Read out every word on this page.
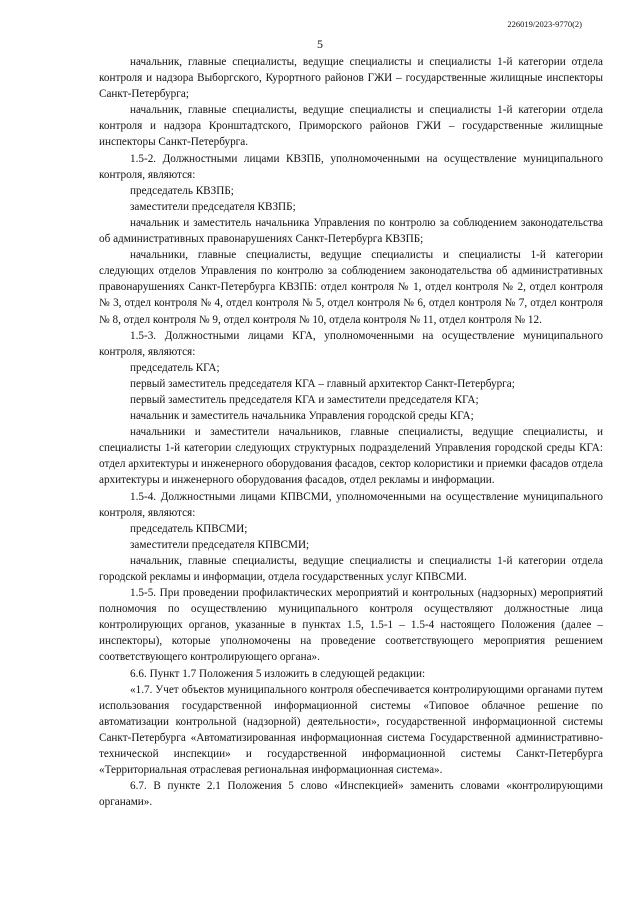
226019/2023-9770(2)
5

начальник, главные специалисты, ведущие специалисты и специалисты 1-й категории отдела контроля и надзора Выборгского, Курортного районов ГЖИ – государственные жилищные инспекторы Санкт-Петербурга;

начальник, главные специалисты, ведущие специалисты и специалисты 1-й категории отдела контроля и надзора Кронштадтского, Приморского районов ГЖИ – государственные жилищные инспекторы Санкт-Петербурга.

1.5-2. Должностными лицами КВЗПБ, уполномоченными на осуществление муниципального контроля, являются:

председатель КВЗПБ;

заместители председателя КВЗПБ;

начальник и заместитель начальника Управления по контролю за соблюдением законодательства об административных правонарушениях Санкт-Петербурга КВЗПБ;

начальники, главные специалисты, ведущие специалисты и специалисты 1-й категории следующих отделов Управления по контролю за соблюдением законодательства об административных правонарушениях Санкт-Петербурга КВЗПБ: отдел контроля № 1, отдел контроля № 2, отдел контроля № 3, отдел контроля № 4, отдел контроля № 5, отдел контроля № 6, отдел контроля № 7, отдел контроля № 8, отдел контроля № 9, отдел контроля № 10, отдела контроля № 11, отдел контроля № 12.

1.5-3. Должностными лицами КГА, уполномоченными на осуществление муниципального контроля, являются:

председатель КГА;

первый заместитель председателя КГА – главный архитектор Санкт-Петербурга;

первый заместитель председателя КГА и заместители председателя КГА;

начальник и заместитель начальника Управления городской среды КГА;

начальники и заместители начальников, главные специалисты, ведущие специалисты, и специалисты 1-й категории следующих структурных подразделений Управления городской среды КГА: отдел архитектуры и инженерного оборудования фасадов, сектор колористики и приемки фасадов отдела архитектуры и инженерного оборудования фасадов, отдел рекламы и информации.

1.5-4. Должностными лицами КПВСМИ, уполномоченными на осуществление муниципального контроля, являются:

председатель КПВСМИ;

заместители председателя КПВСМИ;

начальник, главные специалисты, ведущие специалисты и специалисты 1-й категории отдела городской рекламы и информации, отдела государственных услуг КПВСМИ.

1.5-5. При проведении профилактических мероприятий и контрольных (надзорных) мероприятий полномочия по осуществлению муниципального контроля осуществляют должностные лица контролирующих органов, указанные в пунктах 1.5, 1.5-1 – 1.5-4 настоящего Положения (далее – инспекторы), которые уполномочены на проведение соответствующего мероприятия решением соответствующего контролирующего органа».

6.6. Пункт 1.7 Положения 5 изложить в следующей редакции:

«1.7. Учет объектов муниципального контроля обеспечивается контролирующими органами путем использования государственной информационной системы «Типовое облачное решение по автоматизации контрольной (надзорной) деятельности», государственной информационной системы Санкт-Петербурга «Автоматизированная информационная система Государственной административно-технической инспекции» и государственной информационной системы Санкт-Петербурга «Территориальная отраслевая региональная информационная система».

6.7. В пункте 2.1 Положения 5 слово «Инспекцией» заменить словами «контролирующими органами».
